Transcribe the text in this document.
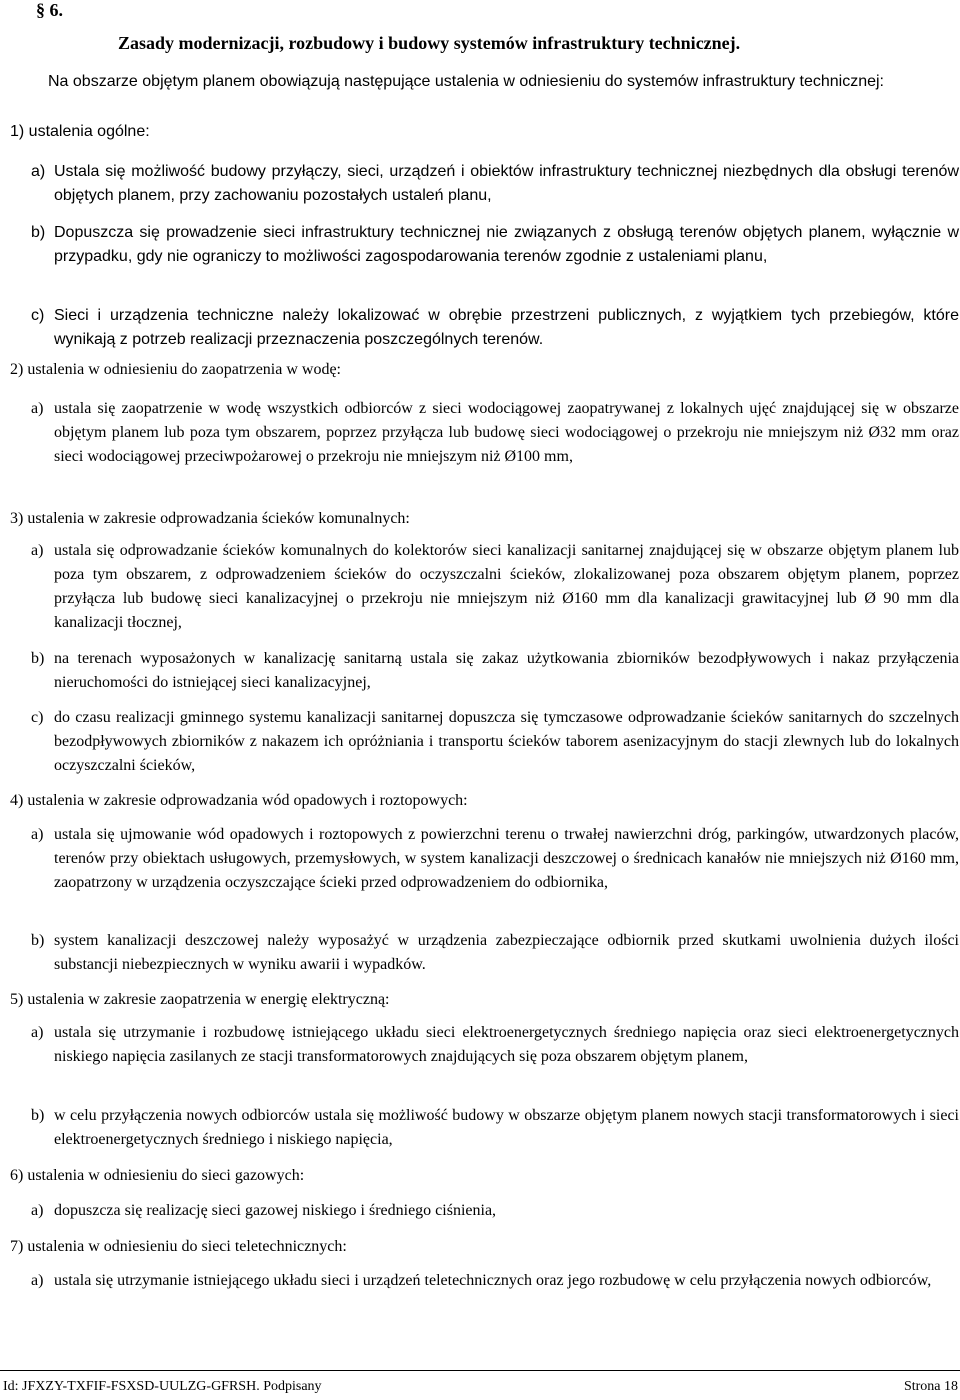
§ 6.
Zasady modernizacji, rozbudowy i budowy systemów infrastruktury technicznej.
Na obszarze objętym planem obowiązują następujące ustalenia w odniesieniu do systemów infrastruktury technicznej:
1) ustalenia ogólne:
a) Ustala się możliwość budowy przyłączy, sieci, urządzeń i obiektów infrastruktury technicznej niezbędnych dla obsługi terenów objętych planem, przy zachowaniu pozostałych ustaleń planu,
b) Dopuszcza się prowadzenie sieci infrastruktury technicznej nie związanych z obsługą terenów objętych planem, wyłącznie w przypadku, gdy nie ograniczy to możliwości zagospodarowania terenów zgodnie z ustaleniami planu,
c) Sieci i urządzenia techniczne należy lokalizować w obrębie przestrzeni publicznych, z wyjątkiem tych przebiegów, które wynikają z potrzeb realizacji przeznaczenia poszczególnych terenów.
2) ustalenia w odniesieniu do zaopatrzenia w wodę:
a) ustala się zaopatrzenie w wodę wszystkich odbiorców z sieci wodociągowej zaopatrywanej z lokalnych ujęć znajdującej się w obszarze objętym planem lub poza tym obszarem, poprzez przyłącza lub budowę sieci wodociągowej o przekroju nie mniejszym niż Ø32 mm oraz sieci wodociągowej przeciwpożarowej o przekroju nie mniejszym niż Ø100 mm,
3) ustalenia w zakresie odprowadzania ścieków komunalnych:
a) ustala się odprowadzanie ścieków komunalnych do kolektorów sieci kanalizacji sanitarnej znajdującej się w obszarze objętym planem lub poza tym obszarem, z odprowadzeniem ścieków do oczyszczalni ścieków, zlokalizowanej poza obszarem objętym planem, poprzez przyłącza lub budowę sieci kanalizacyjnej o przekroju nie mniejszym niż Ø160 mm dla kanalizacji grawitacyjnej lub Ø 90 mm dla kanalizacji tłocznej,
b) na terenach wyposażonych w kanalizację sanitarną ustala się zakaz użytkowania zbiorników bezodpływowych i nakaz przyłączenia nieruchomości do istniejącej sieci kanalizacyjnej,
c) do czasu realizacji gminnego systemu kanalizacji sanitarnej dopuszcza się tymczasowe odprowadzanie ścieków sanitarnych do szczelnych bezodpływowych zbiorników z nakazem ich opróżniania i transportu ścieków taborem asenizacyjnym do stacji zlewnych lub do lokalnych oczyszczalni ścieków,
4) ustalenia w zakresie odprowadzania wód opadowych i roztopowych:
a) ustala się ujmowanie wód opadowych i roztopowych z powierzchni terenu o trwałej nawierzchni dróg, parkingów, utwardzonych placów, terenów przy obiektach usługowych, przemysłowych, w system kanalizacji deszczowej o średnicach kanałów nie mniejszych niż Ø160 mm, zaopatrzony w urządzenia oczyszczające ścieki przed odprowadzeniem do odbiornika,
b) system kanalizacji deszczowej należy wyposażyć w urządzenia zabezpieczające odbiornik przed skutkami uwolnienia dużych ilości substancji niebezpiecznych w wyniku awarii i wypadków.
5) ustalenia w zakresie zaopatrzenia w energię elektryczną:
a) ustala się utrzymanie i rozbudowę istniejącego układu sieci elektroenergetycznych średniego napięcia oraz sieci elektroenergetycznych niskiego napięcia zasilanych ze stacji transformatorowych znajdujących się poza obszarem objętym planem,
b) w celu przyłączenia nowych odbiorców ustala się możliwość budowy w obszarze objętym planem nowych stacji transformatorowych i sieci elektroenergetycznych średniego i niskiego napięcia,
6) ustalenia w odniesieniu do sieci gazowych:
a) dopuszcza się realizację sieci gazowej niskiego i średniego ciśnienia,
7) ustalenia w odniesieniu do sieci teletechnicznych:
a) ustala się utrzymanie istniejącego układu sieci i urządzeń teletechnicznych oraz jego rozbudowę w celu przyłączenia nowych odbiorców,
Id: JFXZY-TXFIF-FSXSD-UULZG-GFRSH. Podpisany	Strona 18
